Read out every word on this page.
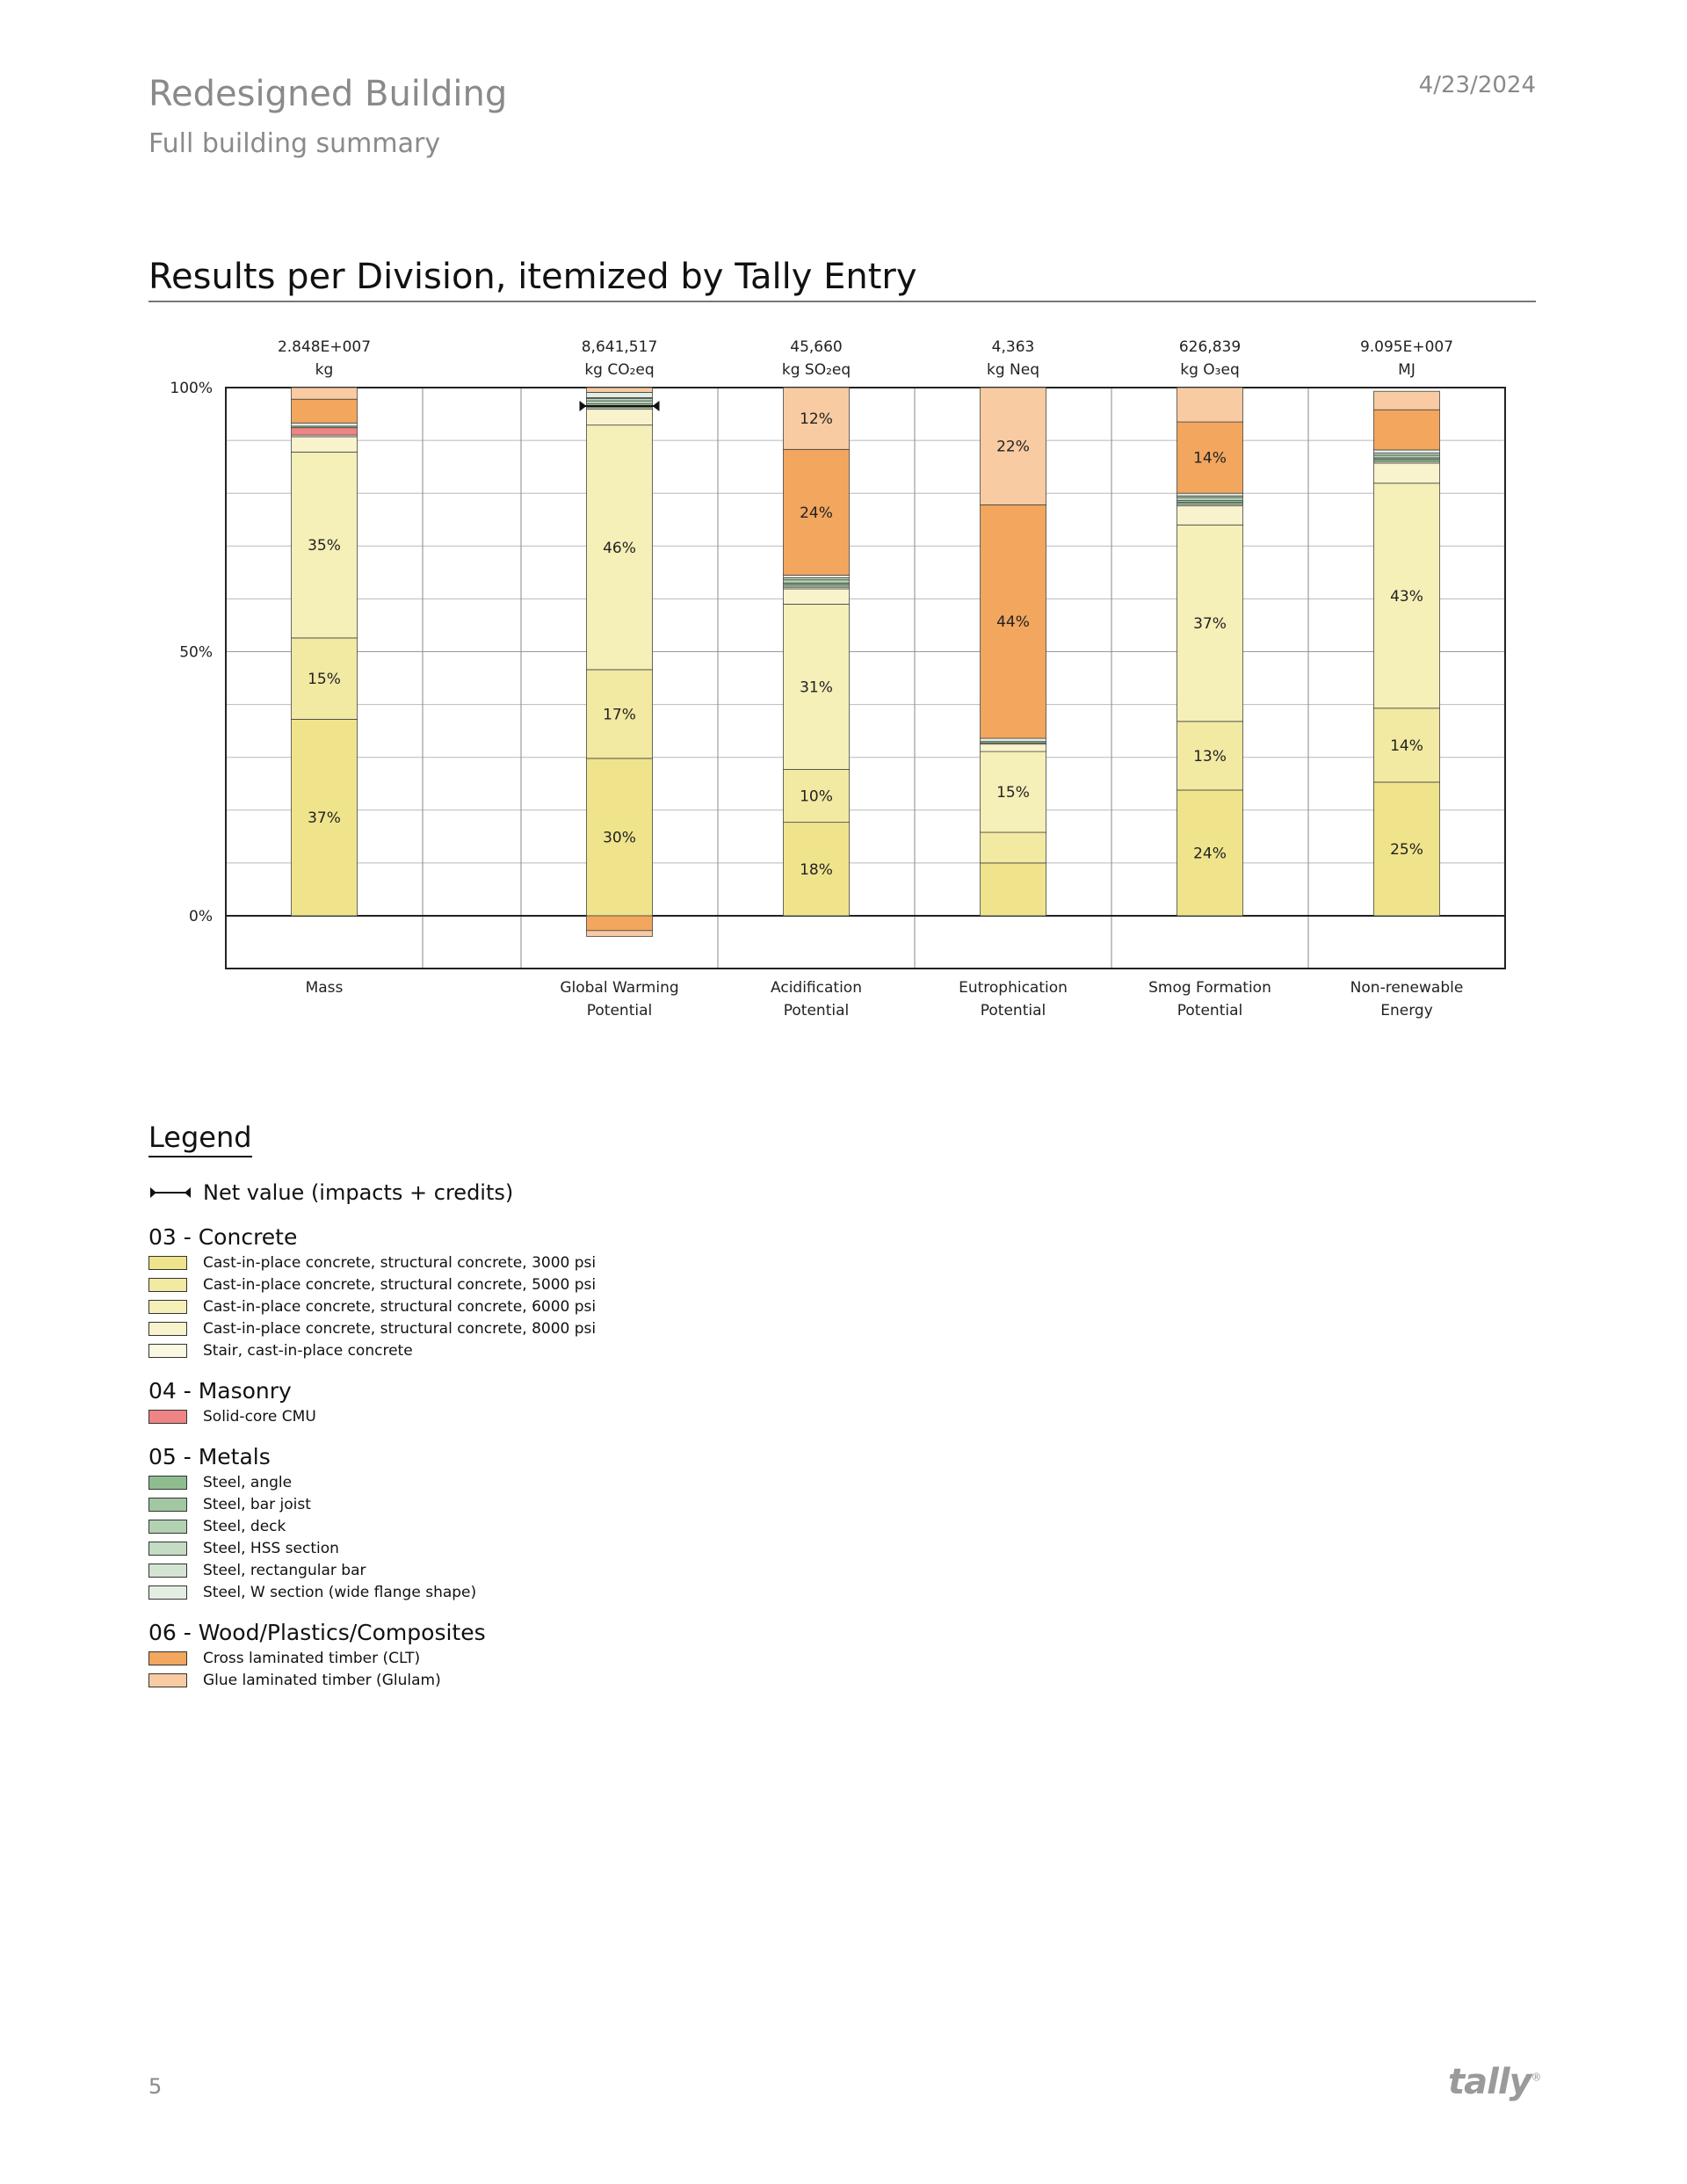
Redesigned Building
Full building summary
4/23/2024
Results per Division, itemized by Tally Entry
0%
50%
100%
37%
15%
35%
2.848E+007
kg
Mass
30%
17%
46%
8,641,517
kg CO₂eq
Global Warming
Potential
18%
10%
31%
24%
12%
45,660
kg SO₂eq
Acidification
Potential
15%
44%
22%
4,363
kg Neq
Eutrophication
Potential
24%
13%
37%
14%
626,839
kg O₃eq
Smog Formation
Potential
25%
14%
43%
9.095E+007
MJ
Non-renewable
Energy
Legend
Net value (impacts + credits)
03 - Concrete
Cast-in-place concrete, structural concrete, 3000 psi
Cast-in-place concrete, structural concrete, 5000 psi
Cast-in-place concrete, structural concrete, 6000 psi
Cast-in-place concrete, structural concrete, 8000 psi
Stair, cast-in-place concrete
04 - Masonry
Solid-core CMU
05 - Metals
Steel, angle
Steel, bar joist
Steel, deck
Steel, HSS section
Steel, rectangular bar
Steel, W section (wide flange shape)
06 - Wood/Plastics/Composites
Cross laminated timber (CLT)
Glue laminated timber (Glulam)
5	tally®
